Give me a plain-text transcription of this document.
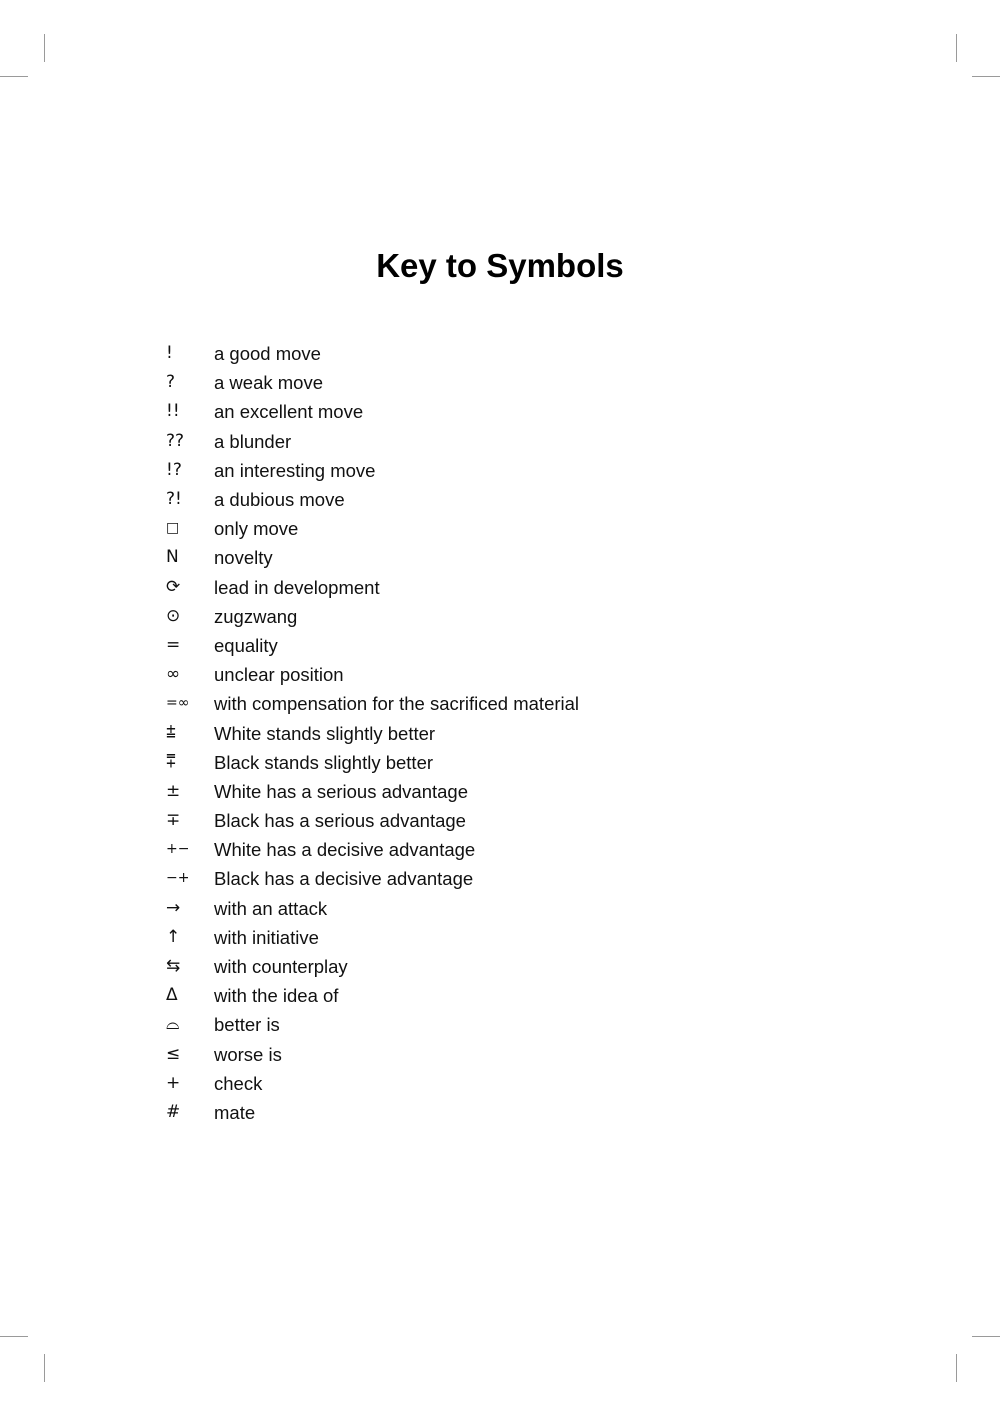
Key to Symbols
!	a good move
?	a weak move
!!	an excellent move
??	a blunder
!?	an interesting move
?!	a dubious move
□	only move
N	novelty
⟳	lead in development
⊙	zugzwang
=	equality
∞	unclear position
=∞	with compensation for the sacrificed material
⩲	White stands slightly better
⩱	Black stands slightly better
±	White has a serious advantage
∓	Black has a serious advantage
+−	White has a decisive advantage
−+	Black has a decisive advantage
→	with an attack
↑	with initiative
⇆	with counterplay
Δ	with the idea of
⌓	better is
≤	worse is
+	check
#	mate
